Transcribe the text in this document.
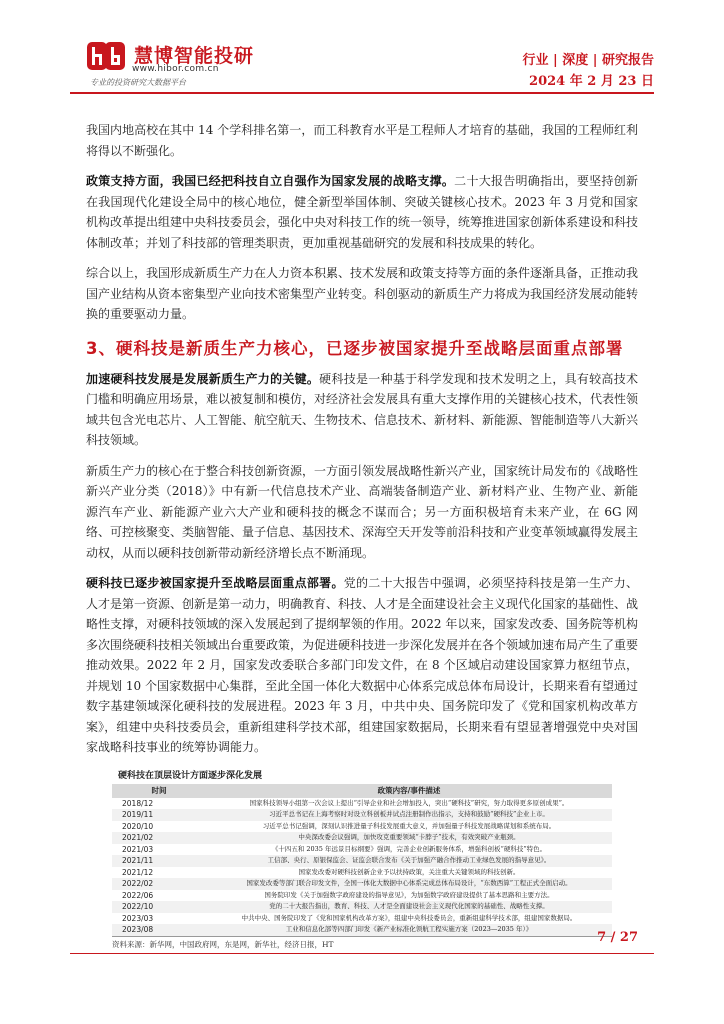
慧博智能投研
www.hibor.com.cn
专业的投资研究大数据平台
行业 | 深度 | 研究报告
2024 年 2 月 23 日

我国内地高校在其中 14 个学科排名第一，而工科教育水平是工程师人才培育的基础，我国的工程师红利将得以不断强化。

政策支持方面，我国已经把科技自立自强作为国家发展的战略支撑。二十大报告明确指出，要坚持创新在我国现代化建设全局中的核心地位，健全新型举国体制、突破关键核心技术。2023 年 3 月党和国家机构改革提出组建中央科技委员会，强化中央对科技工作的统一领导，统筹推进国家创新体系建设和科技体制改革；并划了科技部的管理类职责，更加重视基础研究的发展和科技成果的转化。

综合以上，我国形成新质生产力在人力资本积累、技术发展和政策支持等方面的条件逐渐具备，正推动我国产业结构从资本密集型产业向技术密集型产业转变。科创驱动的新质生产力将成为我国经济发展动能转换的重要驱动力量。

3、硬科技是新质生产力核心，已逐步被国家提升至战略层面重点部署

加速硬科技发展是发展新质生产力的关键。硬科技是一种基于科学发现和技术发明之上，具有较高技术门槛和明确应用场景，难以被复制和模仿，对经济社会发展具有重大支撑作用的关键核心技术，代表性领域共包含光电芯片、人工智能、航空航天、生物技术、信息技术、新材料、新能源、智能制造等八大新兴科技领域。

新质生产力的核心在于整合科技创新资源，一方面引领发展战略性新兴产业，国家统计局发布的《战略性新兴产业分类（2018）》中有新一代信息技术产业、高端装备制造产业、新材料产业、生物产业、新能源汽车产业、新能源产业六大产业和硬科技的概念不谋而合；另一方面积极培育未来产业，在 6G 网络、可控核聚变、类脑智能、量子信息、基因技术、深海空天开发等前沿科技和产业变革领域赢得发展主动权，从而以硬科技创新带动新经济增长点不断涌现。

硬科技已逐步被国家提升至战略层面重点部署。党的二十大报告中强调，必须坚持科技是第一生产力、人才是第一资源、创新是第一动力，明确教育、科技、人才是全面建设社会主义现代化国家的基础性、战略性支撑，对硬科技领域的深入发展起到了提纲挈领的作用。2022 年以来，国家发改委、国务院等机构多次围绕硬科技相关领域出台重要政策，为促进硬科技进一步深化发展并在各个领域加速布局产生了重要推动效果。2022 年 2 月，国家发改委联合多部门印发文件，在 8 个区域启动建设国家算力枢纽节点，并规划 10 个国家数据中心集群，至此全国一体化大数据中心体系完成总体布局设计，长期来看有望通过数字基建领域深化硬科技的发展进程。2023 年 3 月，中共中央、国务院印发了《党和国家机构改革方案》，组建中央科技委员会，重新组建科学技术部，组建国家数据局，长期来看有望显著增强党中央对国家战略科技事业的统筹协调能力。

硬科技在顶层设计方面逐步深化发展
时间	政策内容/事件描述
2018/12	国家科技领导小组第一次会议上提出“引导企业和社会增加投入，突出“硬科技”研究，努力取得更多原创成果”。
2019/11	习近平总书记在上海考察时对设立科创板并试点注册制作出指示，支持和鼓励“硬科技”企业上市。
2020/10	习近平总书记强调，深刻认识推进量子科技发展重大意义，并加强量子科技发展战略谋划和系统布局。
2021/02	中央深改委会议强调，加快攻克重要领域“卡脖子”技术，有效突破产业瓶颈。
2021/03	《十四五和 2035 年远景目标纲要》强调，完善企业创新服务体系，增强科创板“硬科技”特色。
2021/11	工信部、央行、原银保监会、证监会联合发布《关于加强产融合作推动工业绿色发展的指导意见》。
2021/12	国家发改委对硬科技创新企业予以扶持政策，关注重大关键领域的科技创新。
2022/02	国家发改委等部门联合印发文件，全国一体化大数据中心体系完成总体布局设计，“东数西算”工程正式全面启动。
2022/06	国务院印发《关于加强数字政府建设的指导意见》，为加强数字政府建设提供了基本思路和主要方法。
2022/10	党的二十大报告指出，教育、科技、人才是全面建设社会主义现代化国家的基础性、战略性支撑。
2023/03	中共中央、国务院印发了《党和国家机构改革方案》，组建中央科技委员会，重新组建科学技术部，组建国家数据局。
2023/08	工业和信息化部等四部门印发《新产业标准化领航工程实施方案（2023—2035 年）》
资料来源：新华网，中国政府网，东是网，新华社，经济日报，HT	7 / 27
